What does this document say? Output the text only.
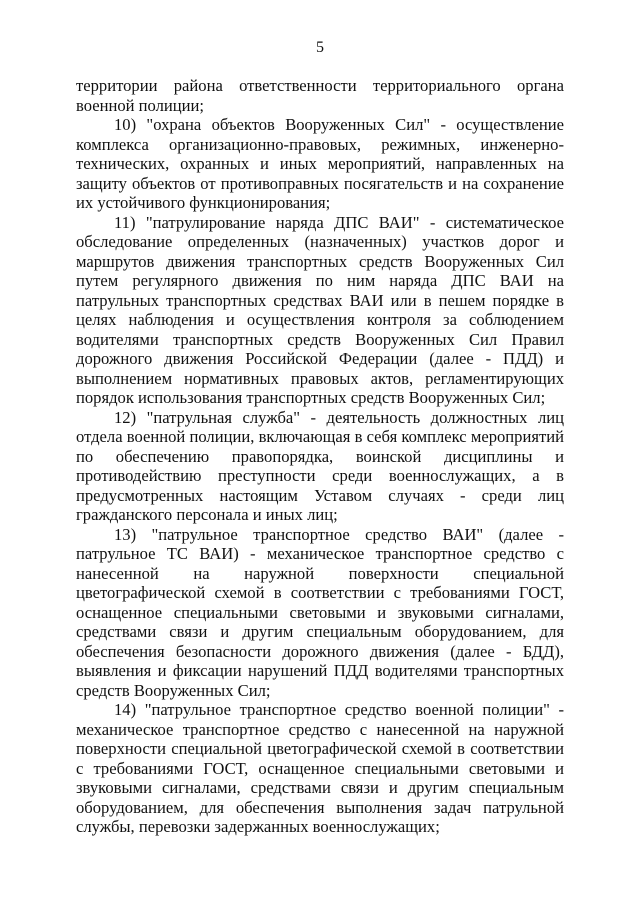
5

территории района ответственности территориального органа военной полиции;

10) "охрана объектов Вооруженных Сил" - осуществление комплекса организационно-правовых, режимных, инженерно-технических, охранных и иных мероприятий, направленных на защиту объектов от противоправных посягательств и на сохранение их устойчивого функционирования;

11) "патрулирование наряда ДПС ВАИ" - систематическое обследование определенных (назначенных) участков дорог и маршрутов движения транспортных средств Вооруженных Сил путем регулярного движения по ним наряда ДПС ВАИ на патрульных транспортных средствах ВАИ или в пешем порядке в целях наблюдения и осуществления контроля за соблюдением водителями транспортных средств Вооруженных Сил Правил дорожного движения Российской Федерации (далее - ПДД) и выполнением нормативных правовых актов, регламентирующих порядок использования транспортных средств Вооруженных Сил;

12) "патрульная служба" - деятельность должностных лиц отдела военной полиции, включающая в себя комплекс мероприятий по обеспечению правопорядка, воинской дисциплины и противодействию преступности среди военнослужащих, а в предусмотренных настоящим Уставом случаях - среди лиц гражданского персонала и иных лиц;

13) "патрульное транспортное средство ВАИ" (далее - патрульное ТС ВАИ) - механическое транспортное средство с нанесенной на наружной поверхности специальной цветографической схемой в соответствии с требованиями ГОСТ, оснащенное специальными световыми и звуковыми сигналами, средствами связи и другим специальным оборудованием, для обеспечения безопасности дорожного движения (далее - БДД), выявления и фиксации нарушений ПДД водителями транспортных средств Вооруженных Сил;

14) "патрульное транспортное средство военной полиции" - механическое транспортное средство с нанесенной на наружной поверхности специальной цветографической схемой в соответствии с требованиями ГОСТ, оснащенное специальными световыми и звуковыми сигналами, средствами связи и другим специальным оборудованием, для обеспечения выполнения задач патрульной службы, перевозки задержанных военнослужащих;
